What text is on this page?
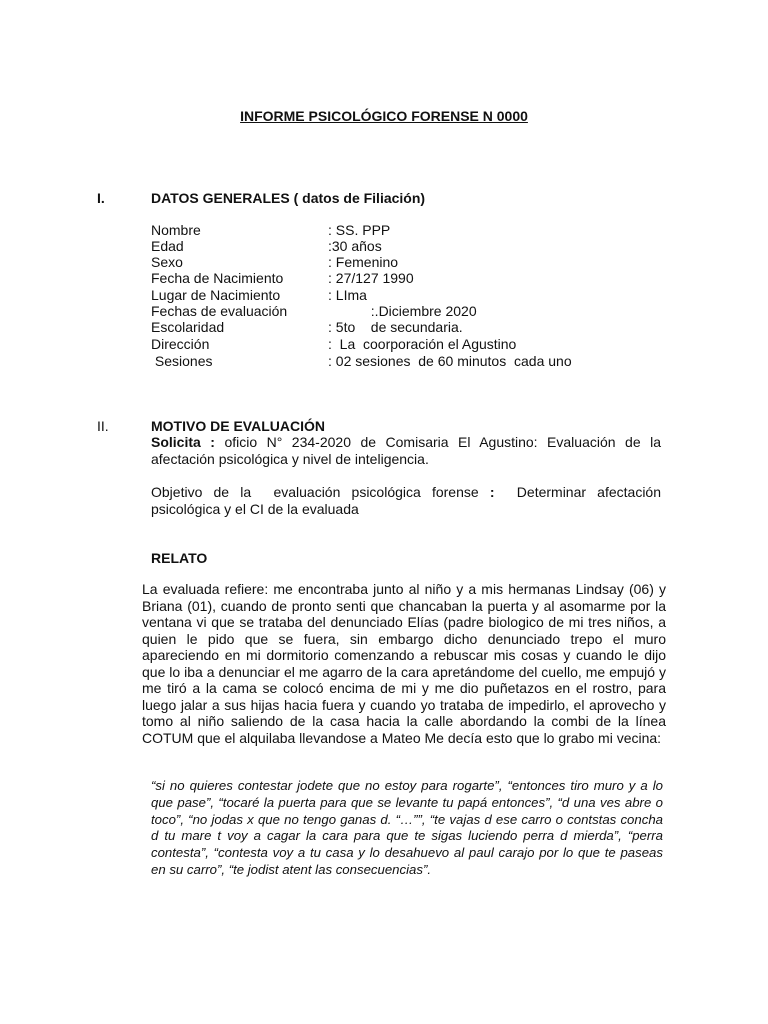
INFORME PSICOLÓGICO FORENSE N 0000
I.	DATOS GENERALES ( datos de Filiación)
Nombre	: SS. PPP
Edad	:30 años
Sexo	: Femenino
Fecha de Nacimiento	: 27/127 1990
Lugar de Nacimiento	: LIma
Fechas de evaluación	:.Diciembre 2020
Escolaridad	: 5to    de secundaria.
Dirección	:  La  coorporación el Agustino
Sesiones	: 02 sesiones  de 60 minutos  cada uno
II.	MOTIVO DE EVALUACIÓN
Solicita : oficio N° 234-2020 de Comisaria El Agustino: Evaluación de la afectación psicológica y nivel de inteligencia.
Objetivo de la  evaluación psicológica forense :  Determinar afectación psicológica y el CI de la evaluada
RELATO
La evaluada refiere: me encontraba junto al niño y a mis hermanas Lindsay (06) y Briana (01), cuando de pronto senti que chancaban la puerta y al asomarme por la ventana vi que se trataba del denunciado Elías (padre biologico de mi tres niños, a quien le pido que se fuera, sin embargo dicho denunciado trepo el muro apareciendo en mi dormitorio comenzando a rebuscar mis cosas y cuando le dijo que lo iba a denunciar el me agarro de la cara apretándome del cuello, me empujó y me tiró a la cama se colocó encima de mi y me dio puñetazos en el rostro, para luego jalar a sus hijas hacia fuera y cuando yo trataba de impedirlo, el aprovecho y tomo al niño saliendo de la casa hacia la calle abordando la combi de la línea COTUM que el alquilaba llevandose a Mateo Me decía esto que lo grabo mi vecina:
“si no quieres contestar jodete que no estoy para rogarte”, “entonces tiro muro y a lo que pase”, “tocaré la puerta para que se levante tu papá entonces”, “d una ves abre o toco”, “no jodas x que no tengo ganas d. “…””, “te vajas d ese carro o contstas concha d tu mare t voy a cagar la cara para que te sigas luciendo perra d mierda”, “perra contesta”, “contesta voy a tu casa y lo desahuevo al paul carajo por lo que te paseas en su carro”, “te jodist atent las consecuencias”.
